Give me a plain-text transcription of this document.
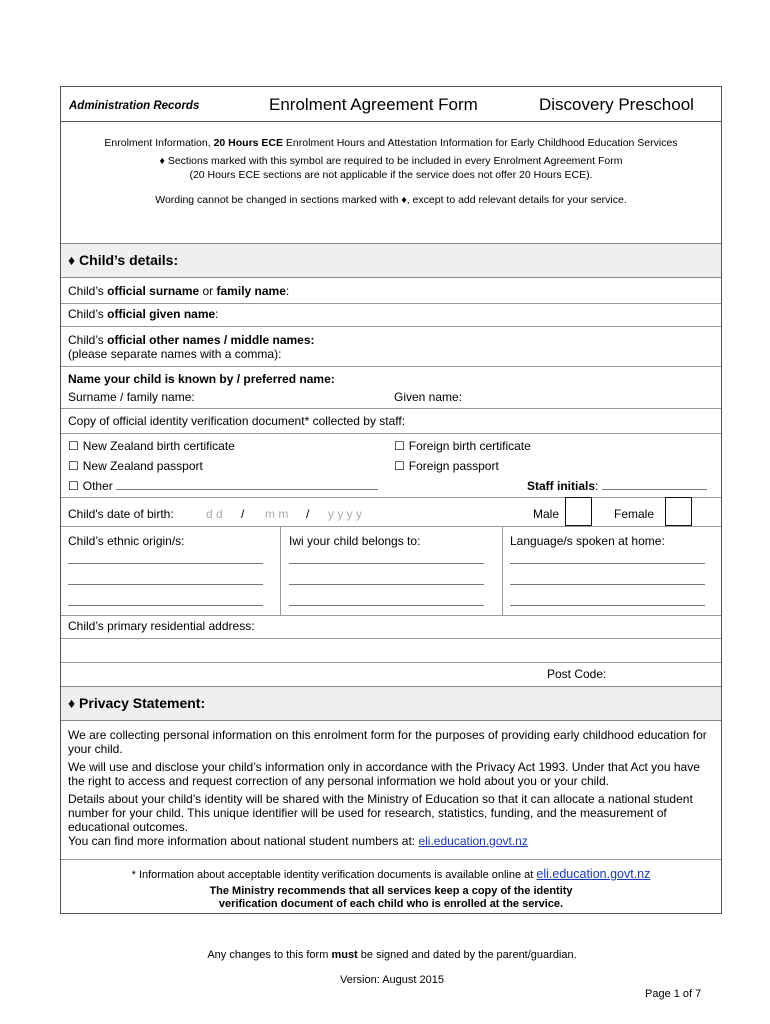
Administration Records	Enrolment Agreement Form	Discovery Preschool
Enrolment Information, 20 Hours ECE Enrolment Hours and Attestation Information for Early Childhood Education Services
♦ Sections marked with this symbol are required to be included in every Enrolment Agreement Form
(20 Hours ECE sections are not applicable if the service does not offer 20 Hours ECE).
Wording cannot be changed in sections marked with ♦, except to add relevant details for your service.
♦ Child’s details:
Child’s official surname or family name:
Child’s official given name:
Child’s official other names / middle names:
(please separate names with a comma):
Name your child is known by / preferred name:
Surname / family name:	Given name:
Copy of official identity verification document* collected by staff:
☐ New Zealand birth certificate	☐ Foreign birth certificate
☐ New Zealand passport	☐ Foreign passport
☐ Other	Staff initials:
Child's date of birth:	d d / m m / y y y y	Male	Female
Child’s ethnic origin/s:	Iwi your child belongs to:	Language/s spoken at home:
Child’s primary residential address:
Post Code:
♦ Privacy Statement:
We are collecting personal information on this enrolment form for the purposes of providing early childhood education for your child.
We will use and disclose your child’s information only in accordance with the Privacy Act 1993. Under that Act you have the right to access and request correction of any personal information we hold about you or your child.
Details about your child’s identity will be shared with the Ministry of Education so that it can allocate a national student number for your child. This unique identifier will be used for research, statistics, funding, and the measurement of educational outcomes.
You can find more information about national student numbers at: eli.education.govt.nz
* Information about acceptable identity verification documents is available online at eli.education.govt.nz
The Ministry recommends that all services keep a copy of the identity
verification document of each child who is enrolled at the service.
Any changes to this form must be signed and dated by the parent/guardian.
Version: August 2015
Page 1 of 7
